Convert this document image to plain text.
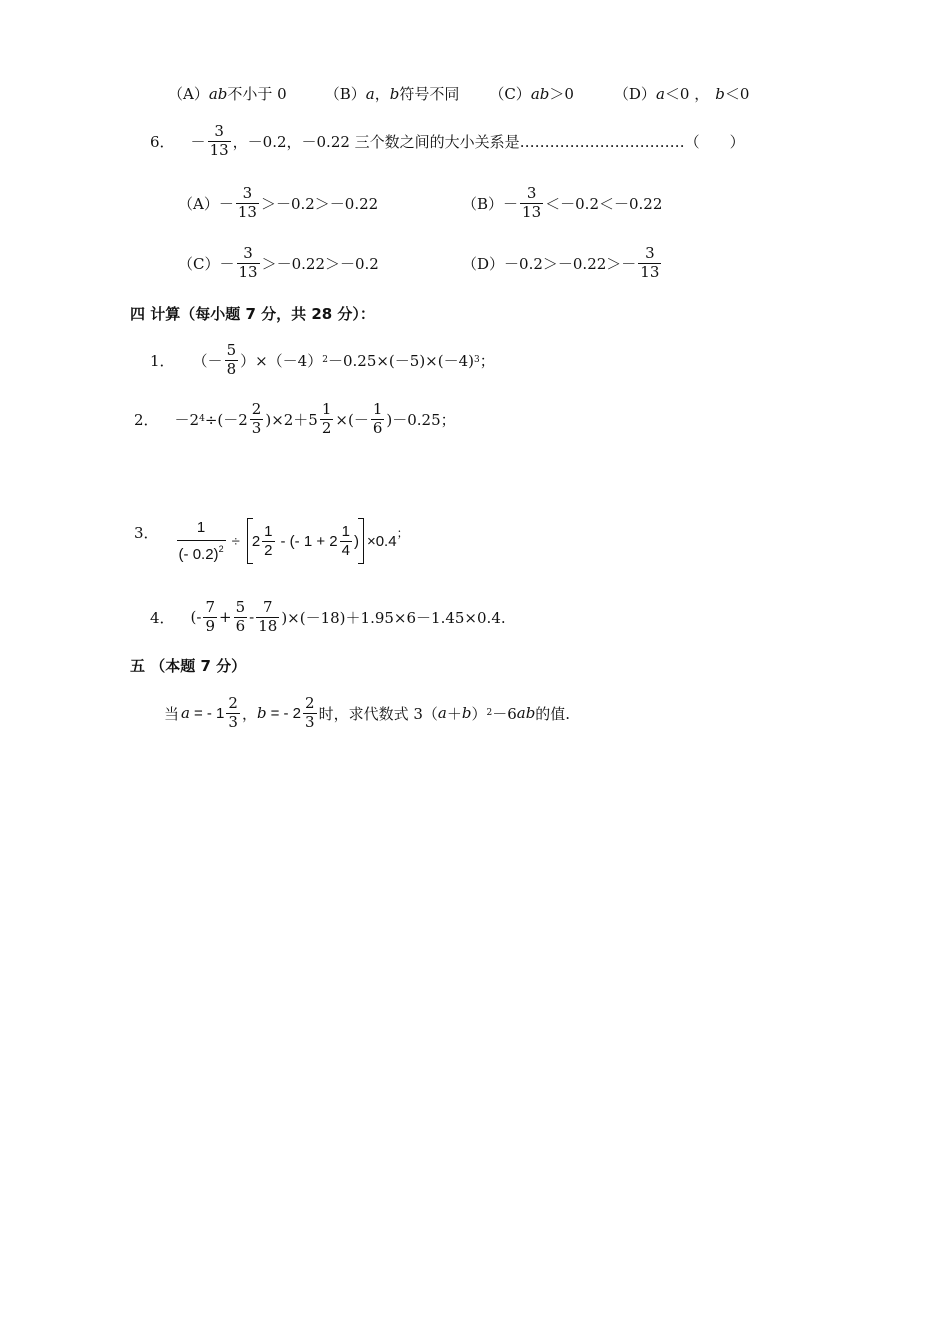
（A）ab不小于 0	（B）a，b符号不同 （C）ab＞0	（D）a＜0 ， b＜0
6． － $\frac{3}{13}$ ，－0.2，－0.22 三个数之间的大小关系是……………………………（　　）
$(A) - \frac{3}{13} >-0.2>-0.22$	$(B) - \frac{3}{13} <-0.2<-0.22$
$(C) - \frac{3}{13} >-0.22>-0.2$	$(D) -0.2>-0.22>- \frac{3}{13}$
四 计算（每小题 7 分，共 28 分）：
1． （－ $\frac{5}{8} )\times(-4)$ 2 －0.25×(－5)×(－4) 3 ；
2． －2 $4 \div(-2 \frac{2}{3} )\times 2+5 \frac{1}{2}$ ×(－ $\frac{1}{6} )-0.25$；
3． $\frac{1}{(- 0.2)^2} \div 2 \frac{1}{2}$ - (- $1 + 2 \frac{1}{4}$ ) ×0.4 ；
4． (- $\frac{7}{9} + \frac{5}{6} - \frac{7}{18} )\times(-18)+1.95\times 6-1.45\times 0.4$.
五 （本题 7 分）
当 a = - $1 \frac{2}{3}$ ， b = - $2 \frac{2}{3}$ 时，求代数式 3（ a ＋ b ） 2 －6 ab 的值.
